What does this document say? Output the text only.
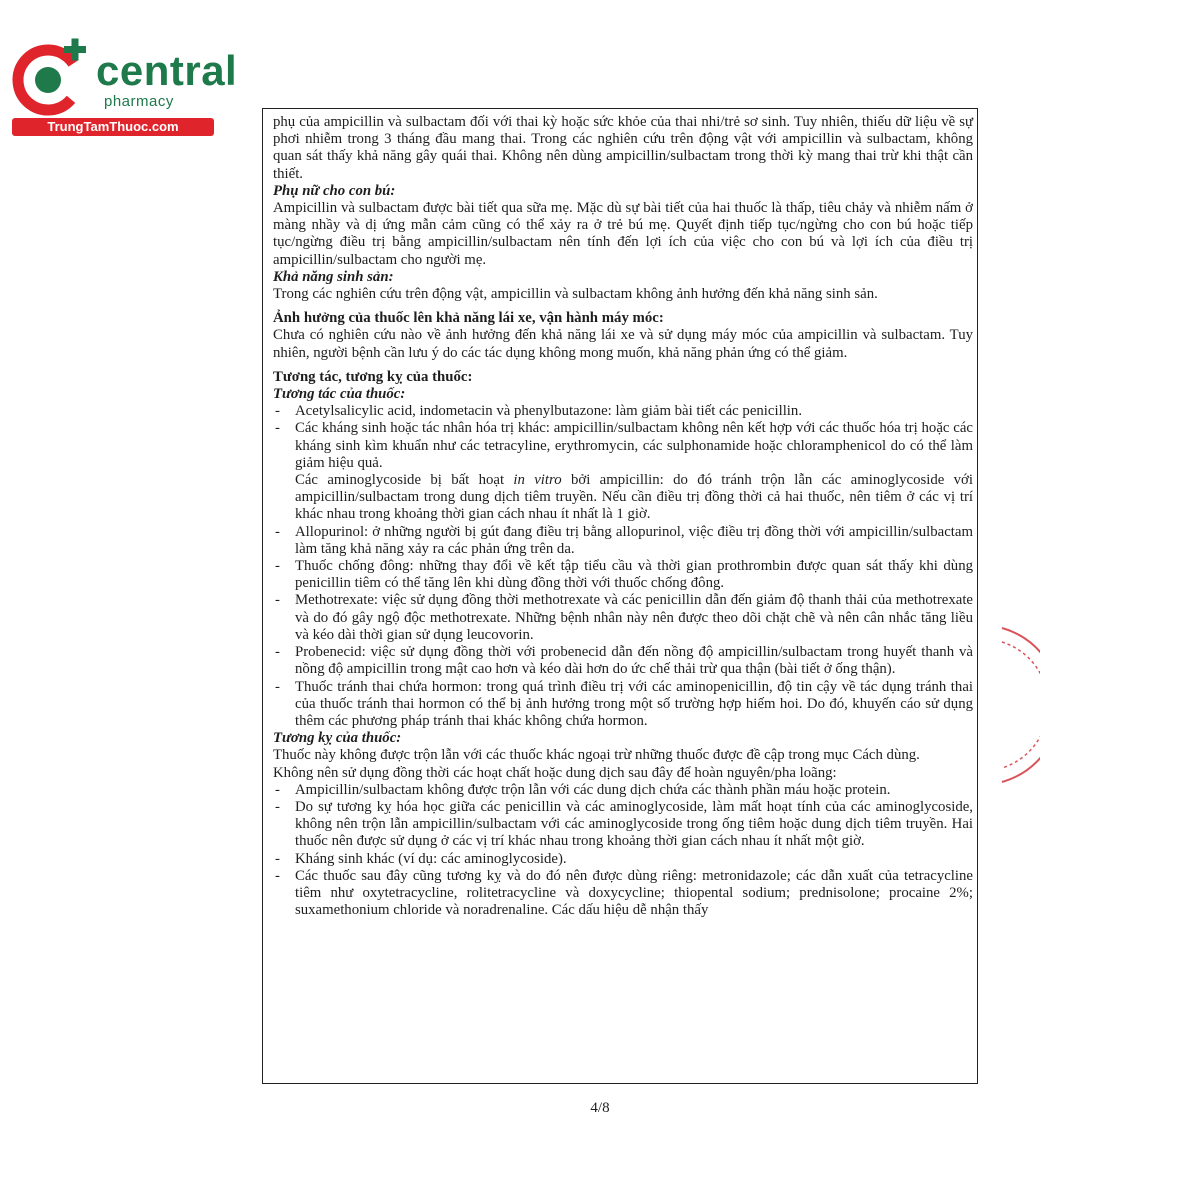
central
pharmacy
TrungTamThuoc.com	phụ của ampicillin và sulbactam đối với thai kỳ hoặc sức khỏe của thai nhi/trẻ sơ sinh. Tuy nhiên, thiếu dữ liệu về sự phơi nhiễm trong 3 tháng đầu mang thai. Trong các nghiên cứu trên động vật với ampicillin và sulbactam, không quan sát thấy khả năng gây quái thai. Không nên dùng ampicillin/sulbactam trong thời kỳ mang thai trừ khi thật cần thiết.

Phụ nữ cho con bú:

Ampicillin và sulbactam được bài tiết qua sữa mẹ. Mặc dù sự bài tiết của hai thuốc là thấp, tiêu chảy và nhiễm nấm ở màng nhầy và dị ứng mẫn cảm cũng có thể xảy ra ở trẻ bú mẹ. Quyết định tiếp tục/ngừng cho con bú hoặc tiếp tục/ngừng điều trị bằng ampicillin/sulbactam nên tính đến lợi ích của việc cho con bú và lợi ích của điều trị ampicillin/sulbactam cho người mẹ.

Khả năng sinh sản:

Trong các nghiên cứu trên động vật, ampicillin và sulbactam không ảnh hưởng đến khả năng sinh sản.

Ảnh hưởng của thuốc lên khả năng lái xe, vận hành máy móc:

Chưa có nghiên cứu nào về ảnh hưởng đến khả năng lái xe và sử dụng máy móc của ampicillin và sulbactam. Tuy nhiên, người bệnh cần lưu ý do các tác dụng không mong muốn, khả năng phản ứng có thể giảm.

Tương tác, tương kỵ của thuốc:

Tương tác của thuốc:

- Acetylsalicylic acid, indometacin và phenylbutazone: làm giảm bài tiết các penicillin.

- Các kháng sinh hoặc tác nhân hóa trị khác: ampicillin/sulbactam không nên kết hợp với các thuốc hóa trị hoặc các kháng sinh kìm khuẩn như các tetracyline, erythromycin, các sulphonamide hoặc chloramphenicol do có thể làm giảm hiệu quả.

Các aminoglycoside bị bất hoạt in vitro bởi ampicillin: do đó tránh trộn lẫn các aminoglycoside với ampicillin/sulbactam trong dung dịch tiêm truyền. Nếu cần điều trị đồng thời cả hai thuốc, nên tiêm ở các vị trí khác nhau trong khoảng thời gian cách nhau ít nhất là 1 giờ.

- Allopurinol: ở những người bị gút đang điều trị bằng allopurinol, việc điều trị đồng thời với ampicillin/sulbactam làm tăng khả năng xảy ra các phản ứng trên da.

- Thuốc chống đông: những thay đổi về kết tập tiểu cầu và thời gian prothrombin được quan sát thấy khi dùng penicillin tiêm có thể tăng lên khi dùng đồng thời với thuốc chống đông.

- Methotrexate: việc sử dụng đồng thời methotrexate và các penicillin dẫn đến giảm độ thanh thải của methotrexate và do đó gây ngộ độc methotrexate. Những bệnh nhân này nên được theo dõi chặt chẽ và nên cân nhắc tăng liều và kéo dài thời gian sử dụng leucovorin.

- Probenecid: việc sử dụng đồng thời với probenecid dẫn đến nồng độ ampicillin/sulbactam trong huyết thanh và nồng độ ampicillin trong mật cao hơn và kéo dài hơn do ức chế thải trừ qua thận (bài tiết ở ống thận).

- Thuốc tránh thai chứa hormon: trong quá trình điều trị với các aminopenicillin, độ tin cậy về tác dụng tránh thai của thuốc tránh thai hormon có thể bị ảnh hưởng trong một số trường hợp hiếm hoi. Do đó, khuyến cáo sử dụng thêm các phương pháp tránh thai khác không chứa hormon.

Tương kỵ của thuốc:

Thuốc này không được trộn lẫn với các thuốc khác ngoại trừ những thuốc được đề cập trong mục Cách dùng.

Không nên sử dụng đồng thời các hoạt chất hoặc dung dịch sau đây để hoàn nguyên/pha loãng:

- Ampicillin/sulbactam không được trộn lẫn với các dung dịch chứa các thành phần máu hoặc protein.

- Do sự tương kỵ hóa học giữa các penicillin và các aminoglycoside, làm mất hoạt tính của các aminoglycoside, không nên trộn lẫn ampicillin/sulbactam với các aminoglycoside trong ống tiêm hoặc dung dịch tiêm truyền. Hai thuốc nên được sử dụng ở các vị trí khác nhau trong khoảng thời gian cách nhau ít nhất một giờ.

- Kháng sinh khác (ví dụ: các aminoglycoside).

- Các thuốc sau đây cũng tương kỵ và do đó nên được dùng riêng: metronidazole; các dẫn xuất của tetracycline tiêm như oxytetracycline, rolitetracycline và doxycycline; thiopental sodium; prednisolone; procaine 2%; suxamethonium chloride và noradrenaline. Các dấu hiệu dễ nhận thấy

4/8
